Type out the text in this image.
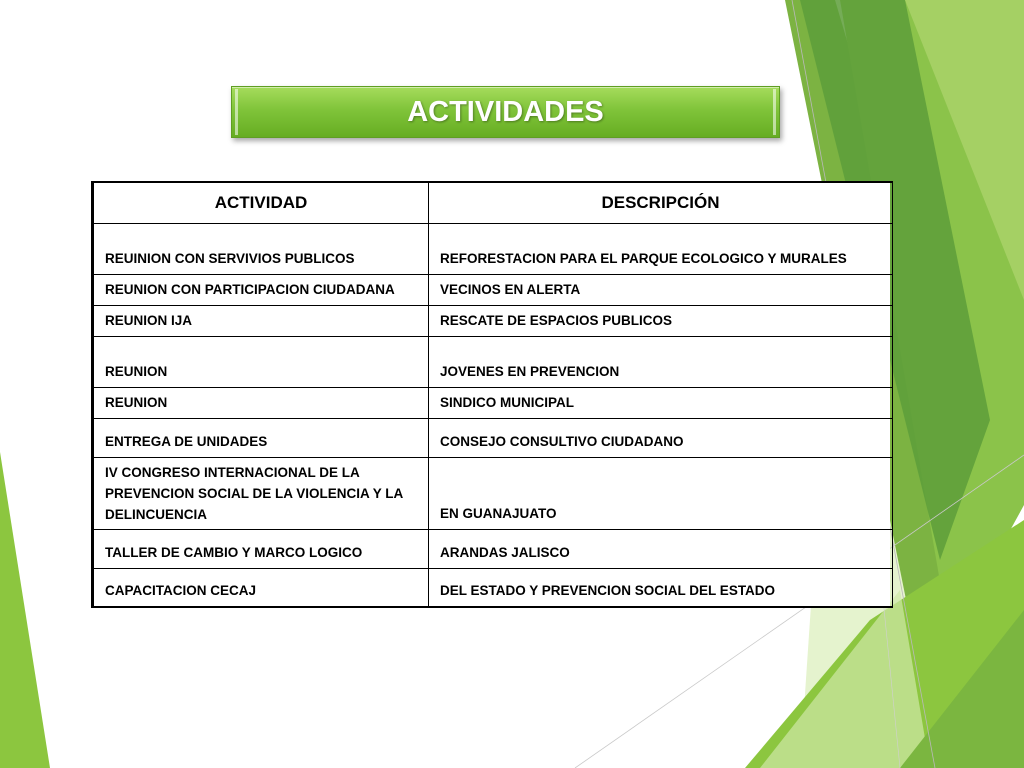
ACTIVIDADES
ACTIVIDAD	DESCRIPCIÓN
REUINION CON SERVIVIOS PUBLICOS	REFORESTACION PARA EL PARQUE ECOLOGICO Y MURALES
REUNION CON PARTICIPACION CIUDADANA	VECINOS EN ALERTA
REUNION IJA	RESCATE DE ESPACIOS PUBLICOS
REUNION	JOVENES EN PREVENCION
REUNION	SINDICO MUNICIPAL
ENTREGA DE UNIDADES	CONSEJO CONSULTIVO CIUDADANO
IV CONGRESO INTERNACIONAL DE LA PREVENCION SOCIAL DE LA VIOLENCIA Y LA DELINCUENCIA	EN GUANAJUATO
TALLER DE CAMBIO Y MARCO LOGICO	ARANDAS JALISCO
CAPACITACION CECAJ	DEL ESTADO Y PREVENCION SOCIAL DEL ESTADO
